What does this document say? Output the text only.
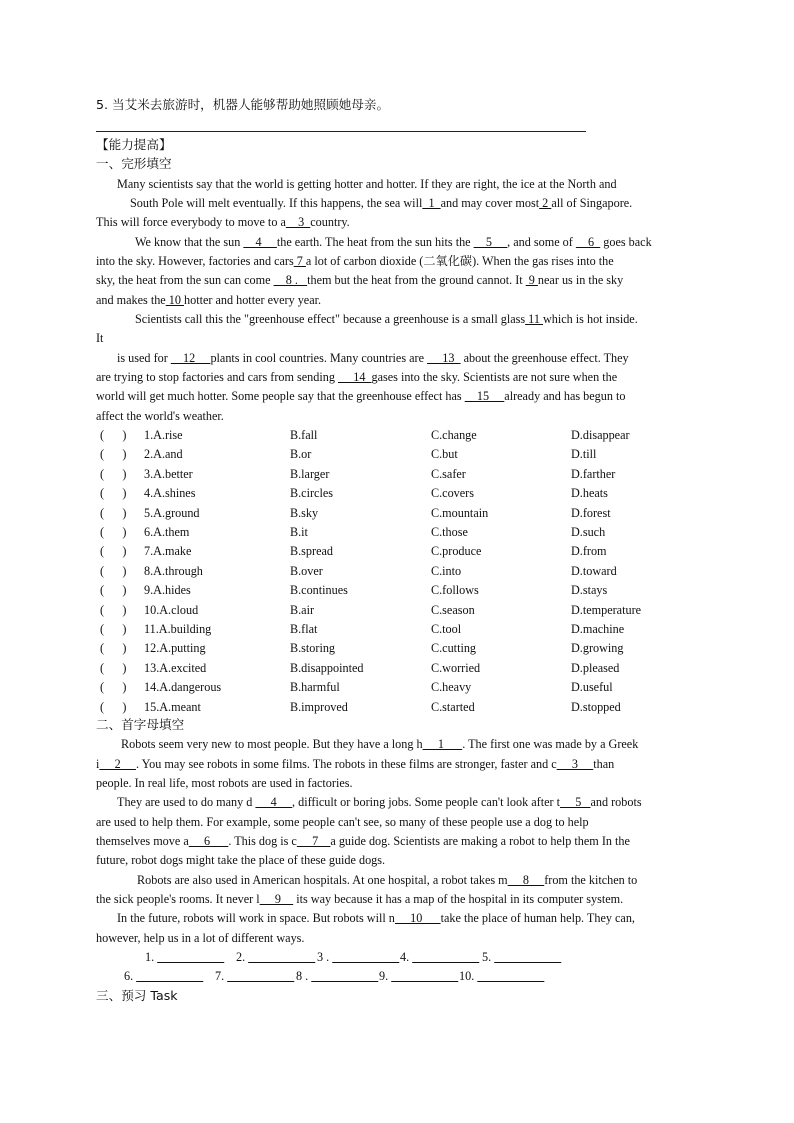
5. 当艾米去旅游时，机器人能够帮助她照顾她母亲。
【能力提高】
一、完形填空
Many scientists say that the world is getting hotter and hotter. If they are right, the ice at the North and
South Pole will melt eventually. If this happens, the sea will  1  and may cover most 2 all of Singapore.
This will force everybody to move to a    3  country.
We know that the sun     4     the earth. The heat from the sun hits the     5     , and some of     6   goes back
into the sky. However, factories and cars 7 a lot of carbon dioxide (二氧化碳). When the gas rises into the
sky, the heat from the sun can come     8 .   them but the heat from the ground cannot. It  9 near us in the sky
and makes the 10 hotter and hotter every year.
Scientists call this the "greenhouse effect" because a greenhouse is a small glass 11 which is hot inside.
It
is used for     12     plants in cool countries. Many countries are      13   about the greenhouse effect. They
are trying to stop factories and cars from sending      14  gases into the sky. Scientists are not sure when the
world will get much hotter. Some people say that the greenhouse effect has     15     already and has begun to
affect the world's weather.
(      ) 1.A.rise	B.fall	C.change	D.disappear
(      ) 2.A.and	B.or	C.but	D.till
(      ) 3.A.better	B.larger	C.safer	D.farther
(      ) 4.A.shines	B.circles	C.covers	D.heats
(      ) 5.A.ground	B.sky	C.mountain	D.forest
(      ) 6.A.them	B.it	C.those	D.such
(      ) 7.A.make	B.spread	C.produce	D.from
(      ) 8.A.through	B.over	C.into	D.toward
(      ) 9.A.hides	B.continues	C.follows	D.stays
(      ) 10.A.cloud	B.air	C.season	D.temperature
(      ) 11.A.building	B.flat	C.tool	D.machine
(      ) 12.A.putting	B.storing	C.cutting	D.growing
(      ) 13.A.excited	B.disappointed	C.worried	D.pleased
(      ) 14.A.dangerous	B.harmful	C.heavy	D.useful
(      ) 15.A.meant	B.improved	C.started	D.stopped
二、首字母填空
Robots seem very new to most people. But they have a long h     1      . The first one was made by a Greek
i     2     . You may see robots in some films. The robots in these films are stronger, faster and c     3     than
people. In real life, most robots are used in factories.
They are used to do many d      4     , difficult or boring jobs. Some people can't look after t     5   and robots
are used to help them. For example, some people can't see, so many of these people use a dog to help
themselves move a     6      . This dog is c     7    a guide dog. Scientists are making a robot to help them In the
future, robot dogs might take the place of these guide dogs.
Robots are also used in American hospitals. At one hospital, a robot takes m     8     from the kitchen to
the sick people's rooms. It never l     9     its way because it has a map of the hospital in its computer system.
In the future, robots will work in space. But robots will n     10      take the place of human help. They can,
however, help us in a lot of different ways.
1.	2.	3 .	4.	5.
6.	7.	8 .	9.	10.
三、预习 Task
